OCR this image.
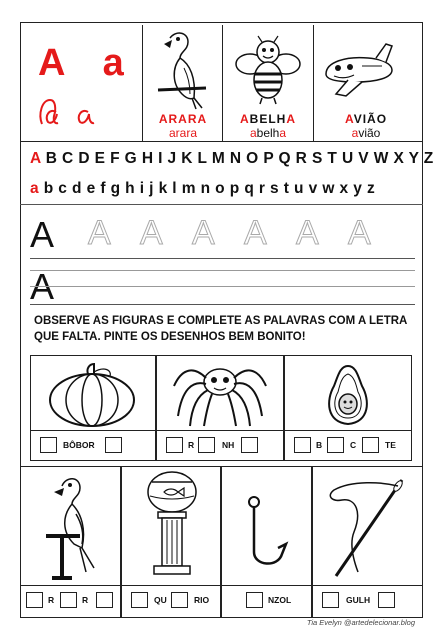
A a
ARARA
arara
ABELHA
abelha
AVIÃO
avião
A B C D E F G H I J K L M N O P Q R S T U V W X Y Z
a b c d e f g h i j k l m n o p q r s t u v w x y z
A A A A A A A
A
OBSERVE AS FIGURAS E COMPLETE AS PALAVRAS COM A LETRA QUE FALTA. PINTE OS DESENHOS BEM BONITO!
BÔBOR	R	NH	B	C	TE
R	R	QU	RIO	NZOL	GULH
Tia Evelyn @artedelecionar.blog
